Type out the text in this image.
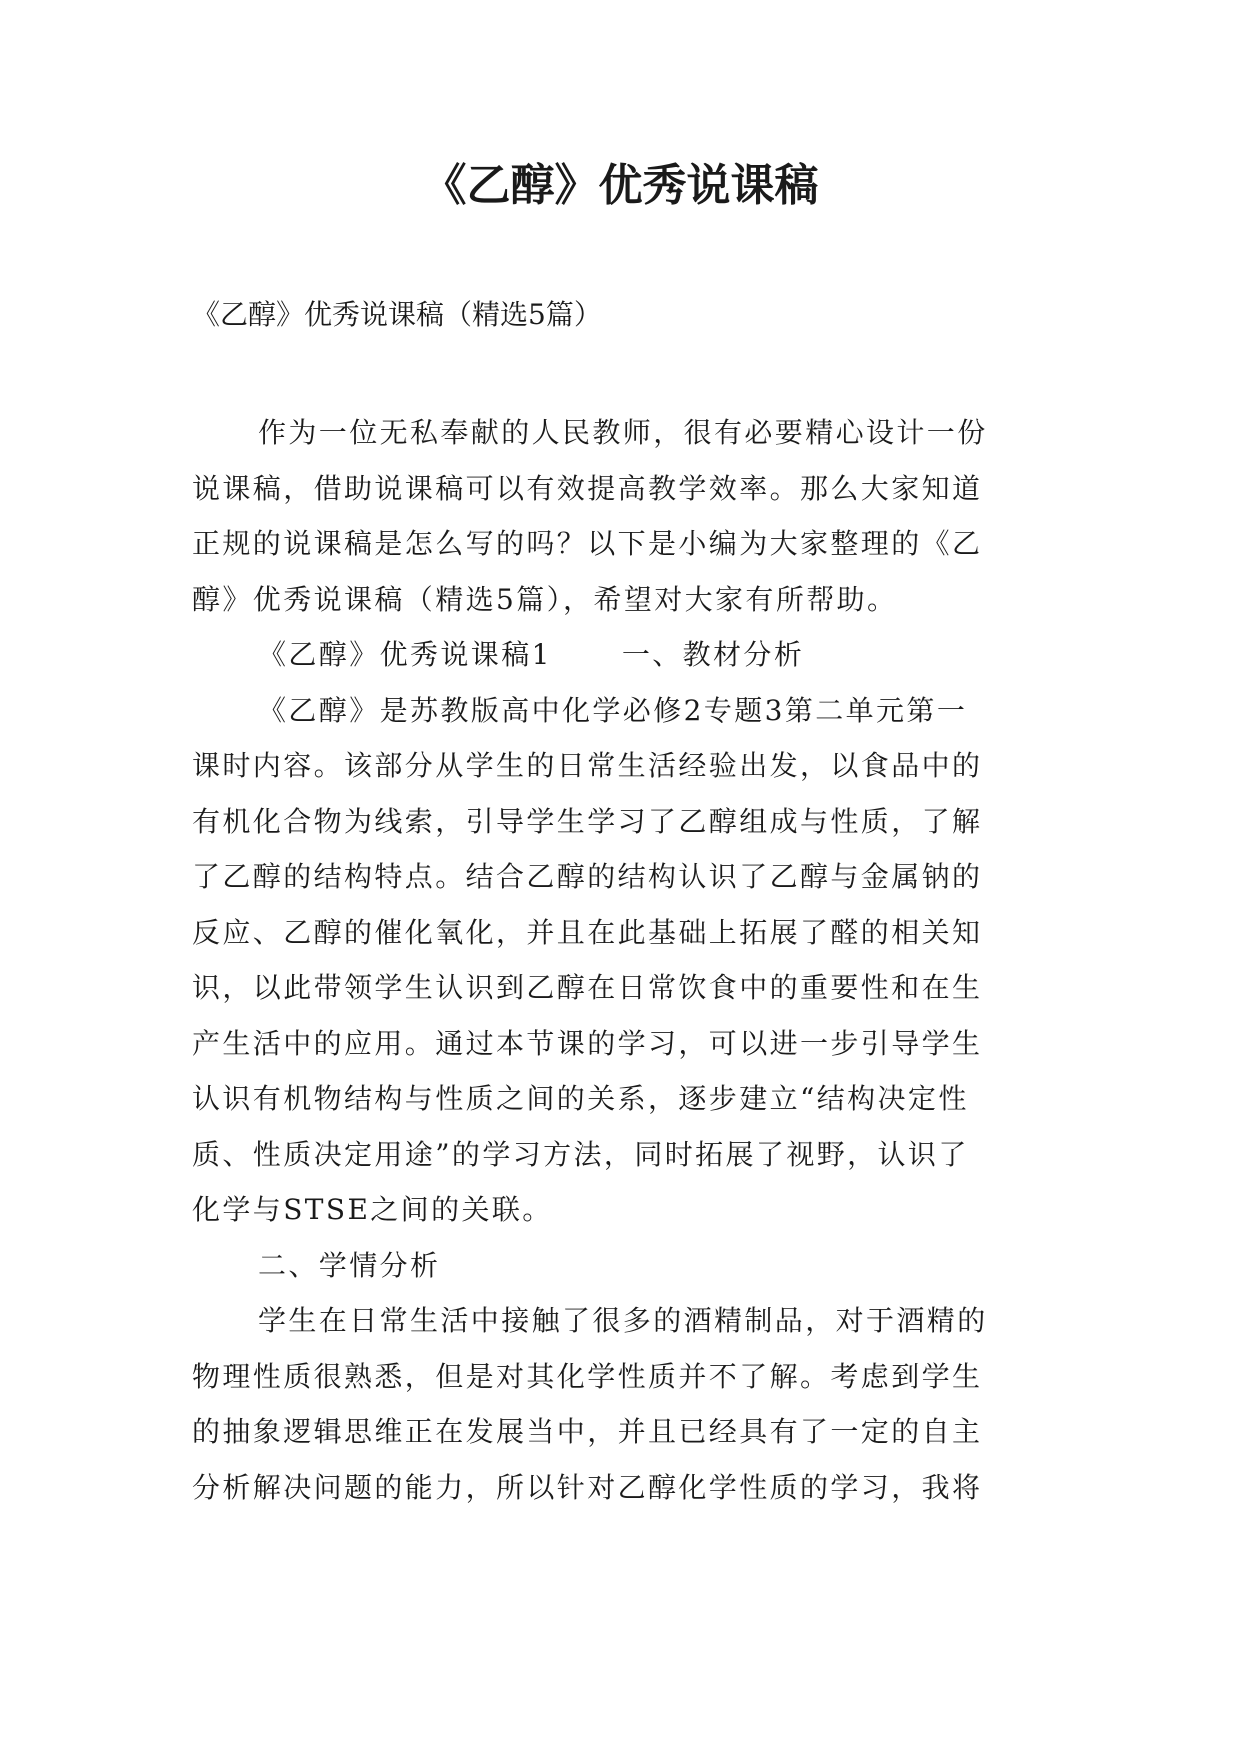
《乙醇》优秀说课稿

《乙醇》优秀说课稿（精选5篇）

作为一位无私奉献的人民教师，很有必要精心设计一份
说课稿，借助说课稿可以有效提高教学效率。那么大家知道
正规的说课稿是怎么写的吗？以下是小编为大家整理的《乙
醇》优秀说课稿（精选5篇），希望对大家有所帮助。
《乙醇》优秀说课稿1	一、教材分析
《乙醇》是苏教版高中化学必修2专题3第二单元第一
课时内容。该部分从学生的日常生活经验出发，以食品中的
有机化合物为线索，引导学生学习了乙醇组成与性质，了解
了乙醇的结构特点。结合乙醇的结构认识了乙醇与金属钠的
反应、乙醇的催化氧化，并且在此基础上拓展了醛的相关知
识，以此带领学生认识到乙醇在日常饮食中的重要性和在生
产生活中的应用。通过本节课的学习，可以进一步引导学生
认识有机物结构与性质之间的关系，逐步建立“结构决定性
质、性质决定用途”的学习方法，同时拓展了视野，认识了
化学与STSE之间的关联。
二、学情分析
学生在日常生活中接触了很多的酒精制品，对于酒精的
物理性质很熟悉，但是对其化学性质并不了解。考虑到学生
的抽象逻辑思维正在发展当中，并且已经具有了一定的自主
分析解决问题的能力，所以针对乙醇化学性质的学习，我将
